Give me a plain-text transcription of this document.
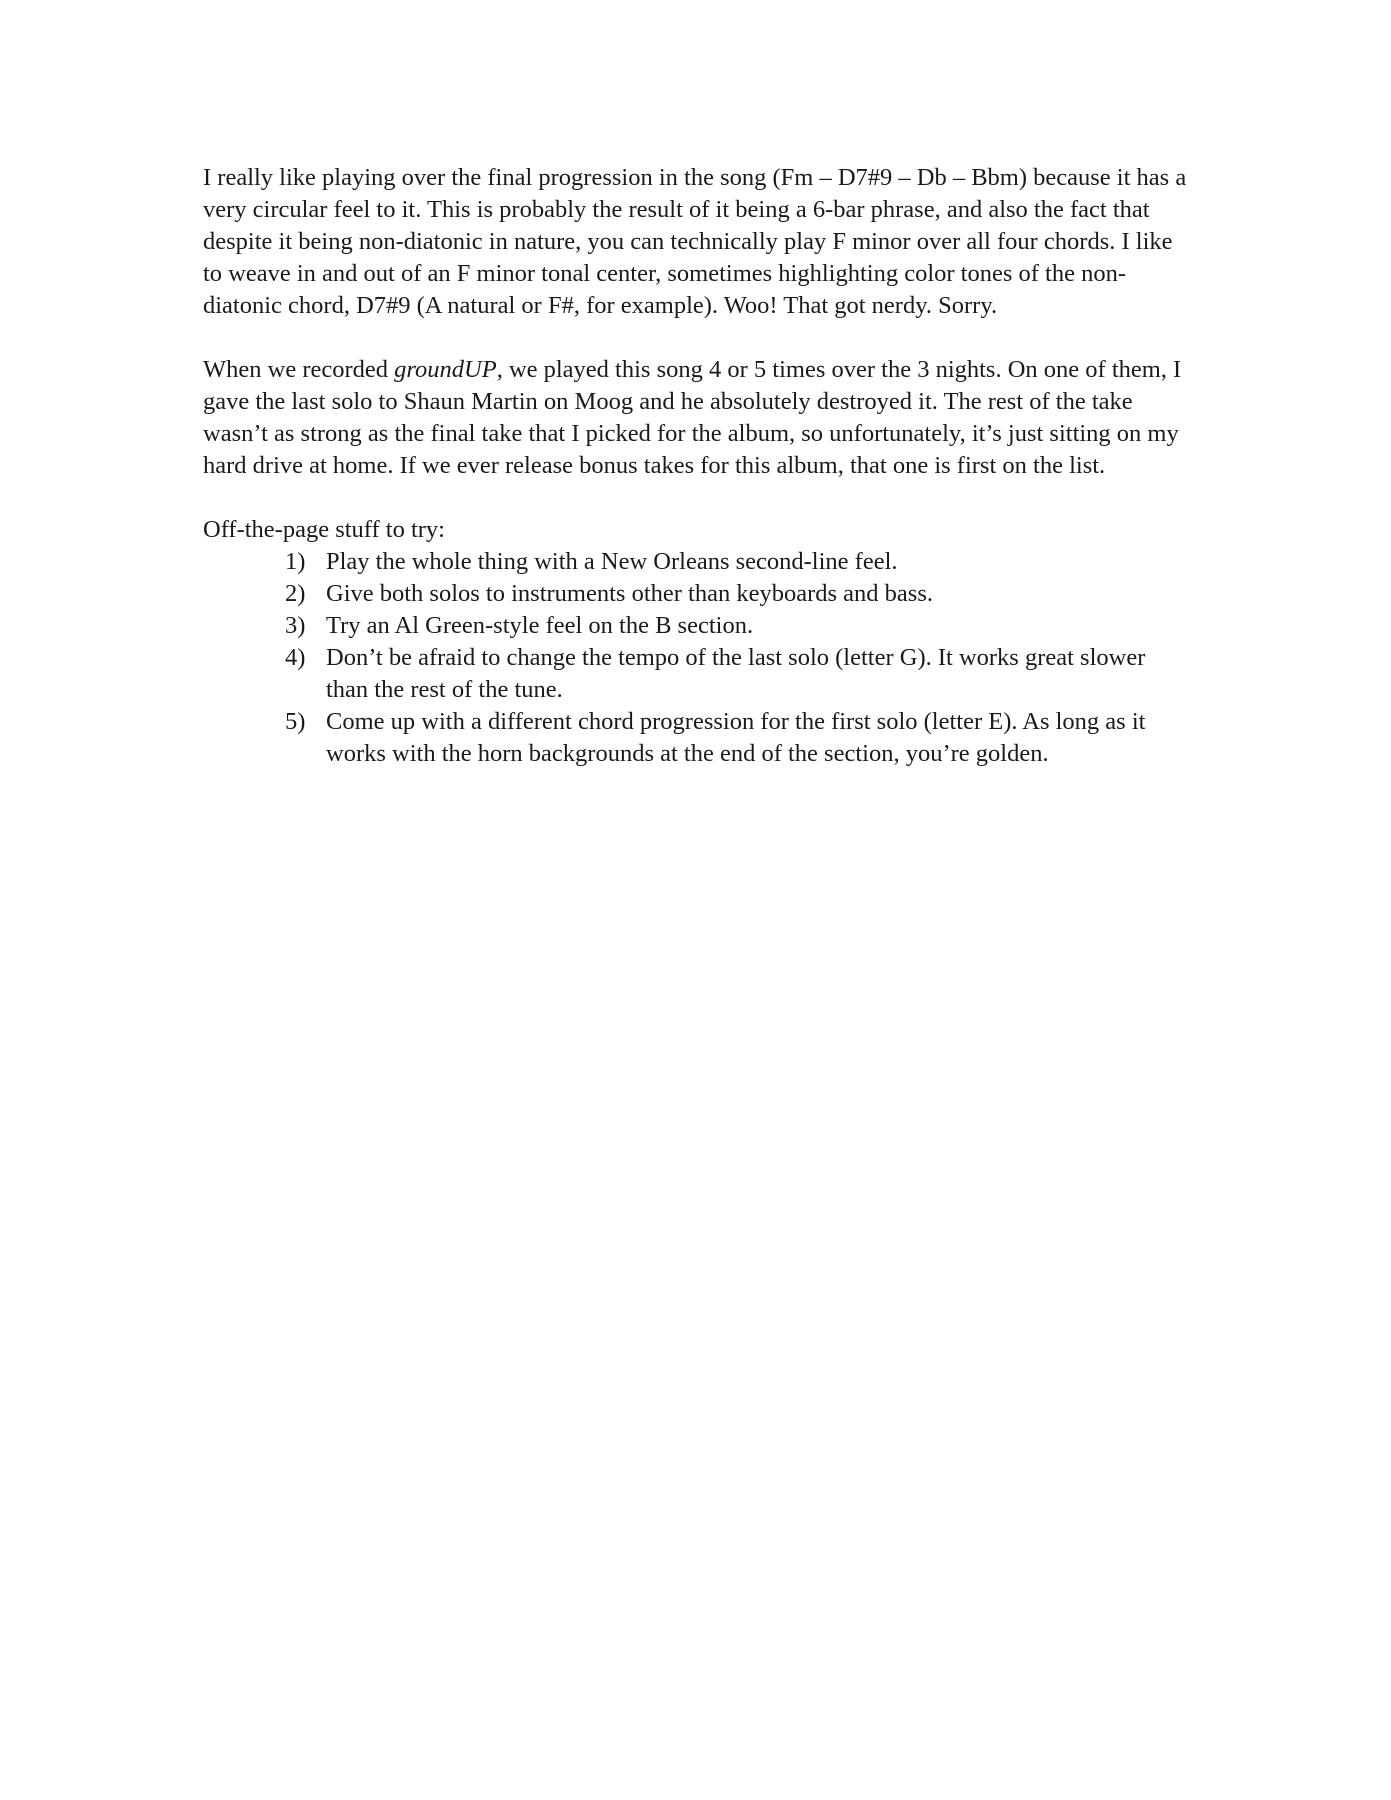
I really like playing over the final progression in the song (Fm – D7#9 – Db – Bbm) because it has a very circular feel to it. This is probably the result of it being a 6-bar phrase, and also the fact that despite it being non-diatonic in nature, you can technically play F minor over all four chords. I like to weave in and out of an F minor tonal center, sometimes highlighting color tones of the non-diatonic chord, D7#9 (A natural or F#, for example). Woo! That got nerdy. Sorry.

When we recorded groundUP, we played this song 4 or 5 times over the 3 nights. On one of them, I gave the last solo to Shaun Martin on Moog and he absolutely destroyed it. The rest of the take wasn’t as strong as the final take that I picked for the album, so unfortunately, it’s just sitting on my hard drive at home. If we ever release bonus takes for this album, that one is first on the list.

Off-the-page stuff to try:

1) Play the whole thing with a New Orleans second-line feel.
2) Give both solos to instruments other than keyboards and bass.
3) Try an Al Green-style feel on the B section.
4) Don’t be afraid to change the tempo of the last solo (letter G). It works great slower than the rest of the tune.
5) Come up with a different chord progression for the first solo (letter E). As long as it works with the horn backgrounds at the end of the section, you’re golden.
